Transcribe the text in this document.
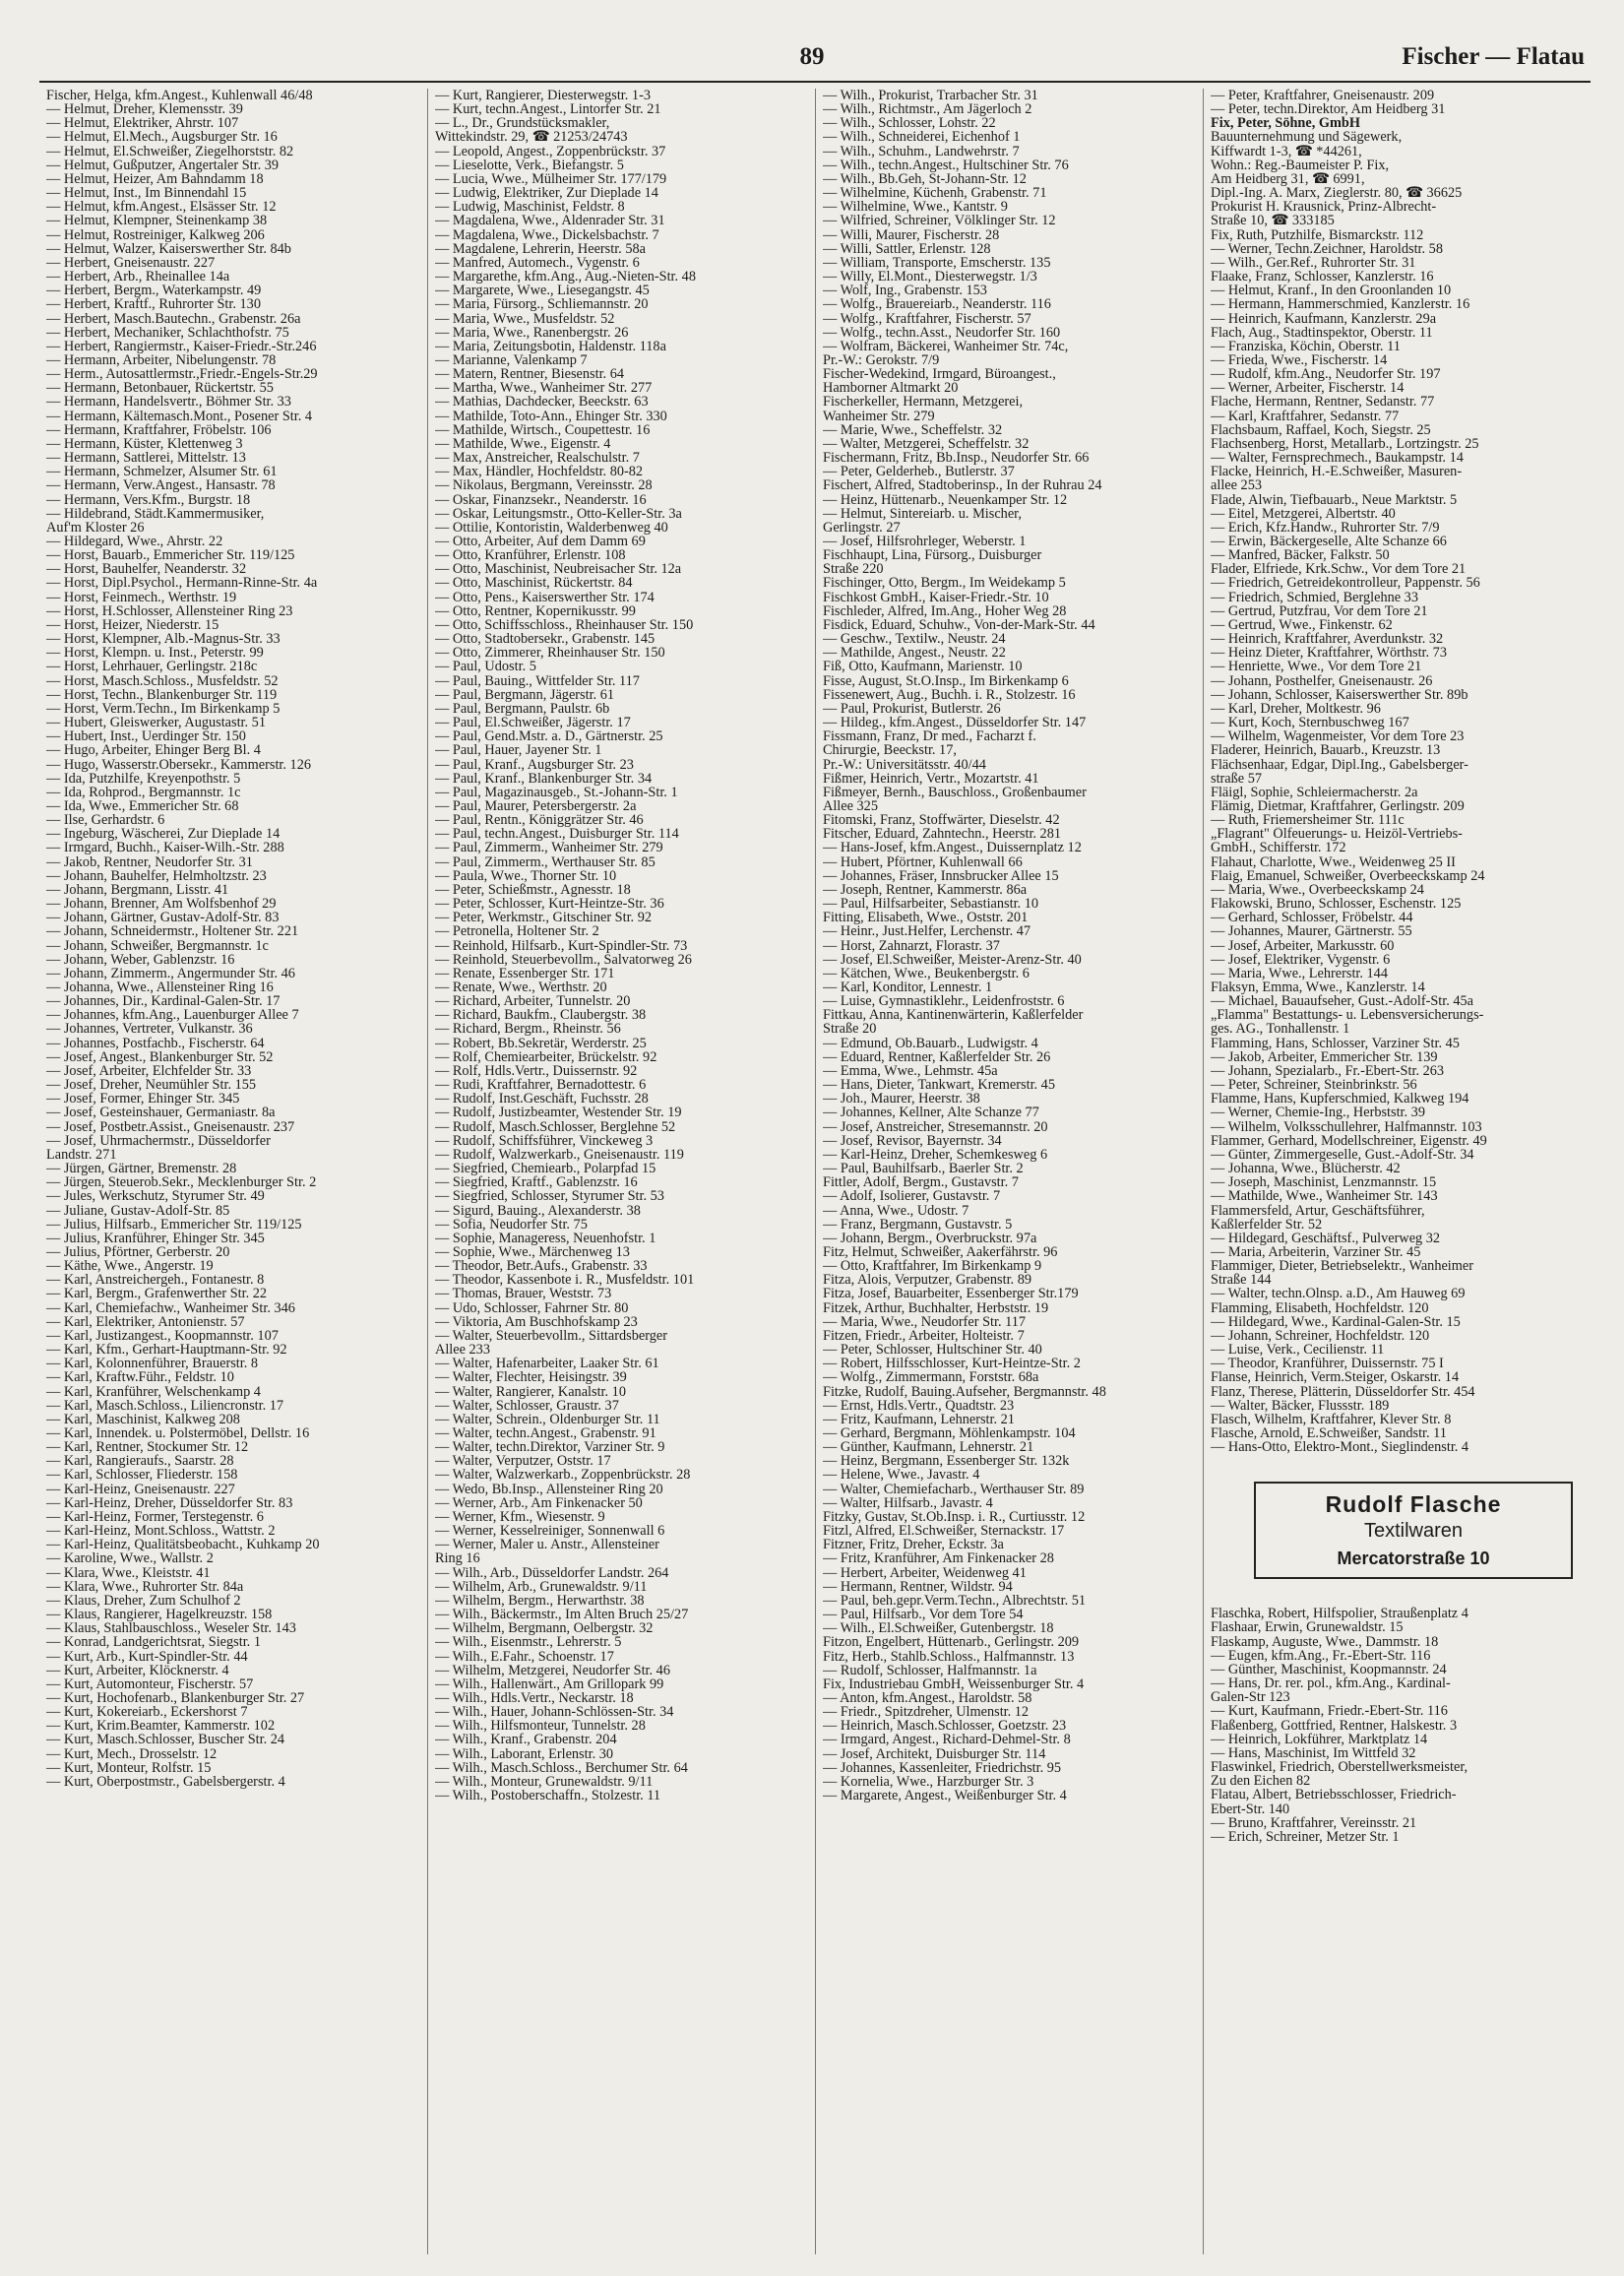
89	Fischer — Flatau
Fischer, Helga, kfm.Angest., Kuhlenwall 46/48
— Helmut, Dreher, Klemensstr. 39
— Helmut, Elektriker, Ahrstr. 107
— Helmut, El.Mech., Augsburger Str. 16
— Helmut, El.Schweißer, Ziegelhorststr. 82
— Helmut, Gußputzer, Angertaler Str. 39
— Helmut, Heizer, Am Bahndamm 18
— Helmut, Inst., Im Binnendahl 15
— Helmut, kfm.Angest., Elsässer Str. 12
— Helmut, Klempner, Steinenkamp 38
— Helmut, Rostreiniger, Kalkweg 206
— Helmut, Walzer, Kaiserswerther Str. 84b
— Herbert, Gneisenaustr. 227
— Herbert, Arb., Rheinallee 14a
— Herbert, Bergm., Waterkampstr. 49
— Herbert, Kraftf., Ruhrorter Str. 130
— Herbert, Masch.Bautechn., Grabenstr. 26a
— Herbert, Mechaniker, Schlachthofstr. 75
— Herbert, Rangiermstr., Kaiser-Friedr.-Str.246
— Hermann, Arbeiter, Nibelungenstr. 78
— Herm., Autosattlermstr.,Friedr.-Engels-Str.29
— Hermann, Betonbauer, Rückertstr. 55
— Hermann, Handelsvertr., Böhmer Str. 33
— Hermann, Kältemasch.Mont., Posener Str. 4
— Hermann, Kraftfahrer, Fröbelstr. 106
— Hermann, Küster, Klettenweg 3
— Hermann, Sattlerei, Mittelstr. 13
— Hermann, Schmelzer, Alsumer Str. 61
— Hermann, Verw.Angest., Hansastr. 78
— Hermann, Vers.Kfm., Burgstr. 18
— Hildebrand, Städt.Kammermusiker,
Auf'm Kloster 26
— Hildegard, Wwe., Ahrstr. 22
— Horst, Bauarb., Emmericher Str. 119/125
— Horst, Bauhelfer, Neanderstr. 32
— Horst, Dipl.Psychol., Hermann-Rinne-Str. 4a
— Horst, Feinmech., Werthstr. 19
— Horst, H.Schlosser, Allensteiner Ring 23
— Horst, Heizer, Niederstr. 15
— Horst, Klempner, Alb.-Magnus-Str. 33
— Horst, Klempn. u. Inst., Peterstr. 99
— Horst, Lehrhauer, Gerlingstr. 218c
— Horst, Masch.Schloss., Musfeldstr. 52
— Horst, Techn., Blankenburger Str. 119
— Horst, Verm.Techn., Im Birkenkamp 5
— Hubert, Gleiswerker, Augustastr. 51
— Hubert, Inst., Uerdinger Str. 150
— Hugo, Arbeiter, Ehinger Berg Bl. 4
— Hugo, Wasserstr.Obersekr., Kammerstr. 126
— Ida, Putzhilfe, Kreyenpothstr. 5
— Ida, Rohprod., Bergmannstr. 1c
— Ida, Wwe., Emmericher Str. 68
— Ilse, Gerhardstr. 6
— Ingeburg, Wäscherei, Zur Dieplade 14
— Irmgard, Buchh., Kaiser-Wilh.-Str. 288
— Jakob, Rentner, Neudorfer Str. 31
— Johann, Bauhelfer, Helmholtzstr. 23
— Johann, Bergmann, Lisstr. 41
— Johann, Brenner, Am Wolfsbenhof 29
— Johann, Gärtner, Gustav-Adolf-Str. 83
— Johann, Schneidermstr., Holtener Str. 221
— Johann, Schweißer, Bergmannstr. 1c
— Johann, Weber, Gablenzstr. 16
— Johann, Zimmerm., Angermunder Str. 46
— Johanna, Wwe., Allensteiner Ring 16
— Johannes, Dir., Kardinal-Galen-Str. 17
— Johannes, kfm.Ang., Lauenburger Allee 7
— Johannes, Vertreter, Vulkanstr. 36
— Johannes, Postfachb., Fischerstr. 64
— Josef, Angest., Blankenburger Str. 52
— Josef, Arbeiter, Elchfelder Str. 33
— Josef, Dreher, Neumühler Str. 155
— Josef, Former, Ehinger Str. 345
— Josef, Gesteinshauer, Germaniastr. 8a
— Josef, Postbetr.Assist., Gneisenaustr. 237
— Josef, Uhrmachermstr., Düsseldorfer
Landstr. 271
— Jürgen, Gärtner, Bremenstr. 28
— Jürgen, Steuerob.Sekr., Mecklenburger Str. 2
— Jules, Werkschutz, Styrumer Str. 49
— Juliane, Gustav-Adolf-Str. 85
— Julius, Hilfsarb., Emmericher Str. 119/125
— Julius, Kranführer, Ehinger Str. 345
— Julius, Pförtner, Gerberstr. 20
— Käthe, Wwe., Angerstr. 19
— Karl, Anstreichergeh., Fontanestr. 8
— Karl, Bergm., Grafenwerther Str. 22
— Karl, Chemiefachw., Wanheimer Str. 346
— Karl, Elektriker, Antonienstr. 57
— Karl, Justizangest., Koopmannstr. 107
— Karl, Kfm., Gerhart-Hauptmann-Str. 92
— Karl, Kolonnenführer, Brauerstr. 8
— Karl, Kraftw.Führ., Feldstr. 10
— Karl, Kranführer, Welschenkamp 4
— Karl, Masch.Schloss., Liliencronstr. 17
— Karl, Maschinist, Kalkweg 208
— Karl, Innendek. u. Polstermöbel, Dellstr. 16
— Karl, Rentner, Stockumer Str. 12
— Karl, Rangieraufs., Saarstr. 28
— Karl, Schlosser, Fliederstr. 158
— Karl-Heinz, Gneisenaustr. 227
— Karl-Heinz, Dreher, Düsseldorfer Str. 83
— Karl-Heinz, Former, Terstegenstr. 6
— Karl-Heinz, Mont.Schloss., Wattstr. 2
— Karl-Heinz, Qualitätsbeobacht., Kuhkamp 20
— Karoline, Wwe., Wallstr. 2
— Klara, Wwe., Kleiststr. 41
— Klara, Wwe., Ruhrorter Str. 84a
— Klaus, Dreher, Zum Schulhof 2
— Klaus, Rangierer, Hagelkreuzstr. 158
— Klaus, Stahlbauschloss., Weseler Str. 143
— Konrad, Landgerichtsrat, Siegstr. 1
— Kurt, Arb., Kurt-Spindler-Str. 44
— Kurt, Arbeiter, Klöcknerstr. 4
— Kurt, Automonteur, Fischerstr. 57
— Kurt, Hochofenarb., Blankenburger Str. 27
— Kurt, Kokereiarb., Eckershorst 7
— Kurt, Krim.Beamter, Kammerstr. 102
— Kurt, Masch.Schlosser, Buscher Str. 24
— Kurt, Mech., Drosselstr. 12
— Kurt, Monteur, Rolfstr. 15
— Kurt, Oberpostmstr., Gabelsbergerstr. 4
— Kurt, Rangierer, Diesterwegstr. 1-3
— Kurt, techn.Angest., Lintorfer Str. 21
— L., Dr., Grundstücksmakler,
Wittekindstr. 29, ☎ 21253/24743
— Leopold, Angest., Zoppenbrückstr. 37
— Lieselotte, Verk., Biefangstr. 5
— Lucia, Wwe., Mülheimer Str. 177/179
— Ludwig, Elektriker, Zur Dieplade 14
— Ludwig, Maschinist, Feldstr. 8
— Magdalena, Wwe., Aldenrader Str. 31
— Magdalena, Wwe., Dickelsbachstr. 7
— Magdalene, Lehrerin, Heerstr. 58a
— Manfred, Automech., Vygenstr. 6
— Margarethe, kfm.Ang., Aug.-Nieten-Str. 48
— Margarete, Wwe., Liesegangstr. 45
— Maria, Fürsorg., Schliemannstr. 20
— Maria, Wwe., Musfeldstr. 52
— Maria, Wwe., Ranenbergstr. 26
— Maria, Zeitungsbotin, Haldenstr. 118a
— Marianne, Valenkamp 7
— Matern, Rentner, Biesenstr. 64
— Martha, Wwe., Wanheimer Str. 277
— Mathias, Dachdecker, Beeckstr. 63
— Mathilde, Toto-Ann., Ehinger Str. 330
— Mathilde, Wirtsch., Coupettestr. 16
— Mathilde, Wwe., Eigenstr. 4
— Max, Anstreicher, Realschulstr. 7
— Max, Händler, Hochfeldstr. 80-82
— Nikolaus, Bergmann, Vereinsstr. 28
— Oskar, Finanzsekr., Neanderstr. 16
— Oskar, Leitungsmstr., Otto-Keller-Str. 3a
— Ottilie, Kontoristin, Walderbenweg 40
— Otto, Arbeiter, Auf dem Damm 69
— Otto, Kranführer, Erlenstr. 108
— Otto, Maschinist, Neubreisacher Str. 12a
— Otto, Maschinist, Rückertstr. 84
— Otto, Pens., Kaiserswerther Str. 174
— Otto, Rentner, Kopernikusstr. 99
— Otto, Schiffsschloss., Rheinhauser Str. 150
— Otto, Stadtobersekr., Grabenstr. 145
— Otto, Zimmerer, Rheinhauser Str. 150
— Paul, Udostr. 5
— Paul, Bauing., Wittfelder Str. 117
— Paul, Bergmann, Jägerstr. 61
— Paul, Bergmann, Paulstr. 6b
— Paul, El.Schweißer, Jägerstr. 17
— Paul, Gend.Mstr. a. D., Gärtnerstr. 25
— Paul, Hauer, Jayener Str. 1
— Paul, Kranf., Augsburger Str. 23
— Paul, Kranf., Blankenburger Str. 34
— Paul, Magazinausgeb., St.-Johann-Str. 1
— Paul, Maurer, Petersbergerstr. 2a
— Paul, Rentn., Königgrätzer Str. 46
— Paul, techn.Angest., Duisburger Str. 114
— Paul, Zimmerm., Wanheimer Str. 279
— Paul, Zimmerm., Werthauser Str. 85
— Paula, Wwe., Thorner Str. 10
— Peter, Schießmstr., Agnesstr. 18
— Peter, Schlosser, Kurt-Heintze-Str. 36
— Peter, Werkmstr., Gitschiner Str. 92
— Petronella, Holtener Str. 2
— Reinhold, Hilfsarb., Kurt-Spindler-Str. 73
— Reinhold, Steuerbevollm., Salvatorweg 26
— Renate, Essenberger Str. 171
— Renate, Wwe., Werthstr. 20
— Richard, Arbeiter, Tunnelstr. 20
— Richard, Baukfm., Claubergstr. 38
— Richard, Bergm., Rheinstr. 56
— Robert, Bb.Sekretär, Werderstr. 25
— Rolf, Chemiearbeiter, Brückelstr. 92
— Rolf, Hdls.Vertr., Duissernstr. 92
— Rudi, Kraftfahrer, Bernadottestr. 6
— Rudolf, Inst.Geschäft, Fuchsstr. 28
— Rudolf, Justizbeamter, Westender Str. 19
— Rudolf, Masch.Schlosser, Berglehne 52
— Rudolf, Schiffsführer, Vinckeweg 3
— Rudolf, Walzwerkarb., Gneisenaustr. 119
— Siegfried, Chemiearb., Polarpfad 15
— Siegfried, Kraftf., Gablenzstr. 16
— Siegfried, Schlosser, Styrumer Str. 53
— Sigurd, Bauing., Alexanderstr. 38
— Sofia, Neudorfer Str. 75
— Sophie, Manageress, Neuenhofstr. 1
— Sophie, Wwe., Märchenweg 13
— Theodor, Betr.Aufs., Grabenstr. 33
— Theodor, Kassenbote i. R., Musfeldstr. 101
— Thomas, Brauer, Weststr. 73
— Udo, Schlosser, Fahrner Str. 80
— Viktoria, Am Buschhofskamp 23
— Walter, Steuerbevollm., Sittardsberger
Allee 233
— Walter, Hafenarbeiter, Laaker Str. 61
— Walter, Flechter, Heisingstr. 39
— Walter, Rangierer, Kanalstr. 10
— Walter, Schlosser, Graustr. 37
— Walter, Schrein., Oldenburger Str. 11
— Walter, techn.Angest., Grabenstr. 91
— Walter, techn.Direktor, Varziner Str. 9
— Walter, Verputzer, Oststr. 17
— Walter, Walzwerkarb., Zoppenbrückstr. 28
— Wedo, Bb.Insp., Allensteiner Ring 20
— Werner, Arb., Am Finkenacker 50
— Werner, Kfm., Wiesenstr. 9
— Werner, Kesselreiniger, Sonnenwall 6
— Werner, Maler u. Anstr., Allensteiner
Ring 16
— Wilh., Arb., Düsseldorfer Landstr. 264
— Wilhelm, Arb., Grunewaldstr. 9/11
— Wilhelm, Bergm., Herwarthstr. 38
— Wilh., Bäckermstr., Im Alten Bruch 25/27
— Wilhelm, Bergmann, Oelbergstr. 32
— Wilh., Eisenmstr., Lehrerstr. 5
— Wilh., E.Fahr., Schoenstr. 17
— Wilhelm, Metzgerei, Neudorfer Str. 46
— Wilh., Hallenwärt., Am Grillopark 99
— Wilh., Hdls.Vertr., Neckarstr. 18
— Wilh., Hauer, Johann-Schlössen-Str. 34
— Wilh., Hilfsmonteur, Tunnelstr. 28
— Wilh., Kranf., Grabenstr. 204
— Wilh., Laborant, Erlenstr. 30
— Wilh., Masch.Schloss., Berchumer Str. 64
— Wilh., Monteur, Grunewaldstr. 9/11
— Wilh., Postoberschaffn., Stolzestr. 11
— Wilh., Prokurist, Trarbacher Str. 31
— Wilh., Richtmstr., Am Jägerloch 2
— Wilh., Schlosser, Lohstr. 22
— Wilh., Schneiderei, Eichenhof 1
— Wilh., Schuhm., Landwehrstr. 7
— Wilh., techn.Angest., Hultschiner Str. 76
— Wilh., Bb.Geh, St-Johann-Str. 12
— Wilhelmine, Küchenh, Grabenstr. 71
— Wilhelmine, Wwe., Kantstr. 9
— Wilfried, Schreiner, Völklinger Str. 12
— Willi, Maurer, Fischerstr. 28
— Willi, Sattler, Erlenstr. 128
— William, Transporte, Emscherstr. 135
— Willy, El.Mont., Diesterwegstr. 1/3
— Wolf, Ing., Grabenstr. 153
— Wolfg., Brauereiarb., Neanderstr. 116
— Wolfg., Kraftfahrer, Fischerstr. 57
— Wolfg., techn.Asst., Neudorfer Str. 160
— Wolfram, Bäckerei, Wanheimer Str. 74c,
Pr.-W.: Gerokstr. 7/9
Fischer-Wedekind, Irmgard, Büroangest.,
Hamborner Altmarkt 20
Fischerkeller, Hermann, Metzgerei,
Wanheimer Str. 279
— Marie, Wwe., Scheffelstr. 32
— Walter, Metzgerei, Scheffelstr. 32
Fischermann, Fritz, Bb.Insp., Neudorfer Str. 66
— Peter, Gelderheb., Butlerstr. 37
Fischert, Alfred, Stadtoberinsp., In der Ruhrau 24
— Heinz, Hüttenarb., Neuenkamper Str. 12
— Helmut, Sintereiarb. u. Mischer,
Gerlingstr. 27
— Josef, Hilfsrohrleger, Weberstr. 1
Fischhaupt, Lina, Fürsorg., Duisburger
Straße 220
Fischinger, Otto, Bergm., Im Weidekamp 5
Fischkost GmbH., Kaiser-Friedr.-Str. 10
Fischleder, Alfred, Im.Ang., Hoher Weg 28
Fisdick, Eduard, Schuhw., Von-der-Mark-Str. 44
— Geschw., Textilw., Neustr. 24
— Mathilde, Angest., Neustr. 22
Fiß, Otto, Kaufmann, Marienstr. 10
Fisse, August, St.O.Insp., Im Birkenkamp 6
Fissenewert, Aug., Buchh. i. R., Stolzestr. 16
— Paul, Prokurist, Butlerstr. 26
— Hildeg., kfm.Angest., Düsseldorfer Str. 147
Fissmann, Franz, Dr med., Facharzt f.
Chirurgie, Beeckstr. 17,
Pr.-W.: Universitätsstr. 40/44
Fißmer, Heinrich, Vertr., Mozartstr. 41
Fißmeyer, Bernh., Bauschloss., Großenbaumer
Allee 325
Fitomski, Franz, Stoffwärter, Dieselstr. 42
Fitscher, Eduard, Zahntechn., Heerstr. 281
— Hans-Josef, kfm.Angest., Duissernplatz 12
— Hubert, Pförtner, Kuhlenwall 66
— Johannes, Fräser, Innsbrucker Allee 15
— Joseph, Rentner, Kammerstr. 86a
— Paul, Hilfsarbeiter, Sebastianstr. 10
Fitting, Elisabeth, Wwe., Oststr. 201
— Heinr., Just.Helfer, Lerchenstr. 47
— Horst, Zahnarzt, Florastr. 37
— Josef, El.Schweißer, Meister-Arenz-Str. 40
— Kätchen, Wwe., Beukenbergstr. 6
— Karl, Konditor, Lennestr. 1
— Luise, Gymnastiklehr., Leidenfroststr. 6
Fittkau, Anna, Kantinenwärterin, Kaßlerfelder
Straße 20
— Edmund, Ob.Bauarb., Ludwigstr. 4
— Eduard, Rentner, Kaßlerfelder Str. 26
— Emma, Wwe., Lehmstr. 45a
— Hans, Dieter, Tankwart, Kremerstr. 45
— Joh., Maurer, Heerstr. 38
— Johannes, Kellner, Alte Schanze 77
— Josef, Anstreicher, Stresemannstr. 20
— Josef, Revisor, Bayernstr. 34
— Karl-Heinz, Dreher, Schemkesweg 6
— Paul, Bauhilfsarb., Baerler Str. 2
Fittler, Adolf, Bergm., Gustavstr. 7
— Adolf, Isolierer, Gustavstr. 7
— Anna, Wwe., Udostr. 7
— Franz, Bergmann, Gustavstr. 5
— Johann, Bergm., Overbruckstr. 97a
Fitz, Helmut, Schweißer, Aakerfährstr. 96
— Otto, Kraftfahrer, Im Birkenkamp 9
Fitza, Alois, Verputzer, Grabenstr. 89
Fitza, Josef, Bauarbeiter, Essenberger Str.179
Fitzek, Arthur, Buchhalter, Herbststr. 19
— Maria, Wwe., Neudorfer Str. 117
Fitzen, Friedr., Arbeiter, Holteistr. 7
— Peter, Schlosser, Hultschiner Str. 40
— Robert, Hilfsschlosser, Kurt-Heintze-Str. 2
— Wolfg., Zimmermann, Forststr. 68a
Fitzke, Rudolf, Bauing.Aufseher, Bergmannstr. 48
— Ernst, Hdls.Vertr., Quadtstr. 23
— Fritz, Kaufmann, Lehnerstr. 21
— Gerhard, Bergmann, Möhlenkampstr. 104
— Günther, Kaufmann, Lehnerstr. 21
— Heinz, Bergmann, Essenberger Str. 132k
— Helene, Wwe., Javastr. 4
— Walter, Chemiefacharb., Werthauser Str. 89
— Walter, Hilfsarb., Javastr. 4
Fitzky, Gustav, St.Ob.Insp. i. R., Curtiusstr. 12
Fitzl, Alfred, El.Schweißer, Sternackstr. 17
Fitzner, Fritz, Dreher, Eckstr. 3a
— Fritz, Kranführer, Am Finkenacker 28
— Herbert, Arbeiter, Weidenweg 41
— Hermann, Rentner, Wildstr. 94
— Paul, beh.gepr.Verm.Techn., Albrechtstr. 51
— Paul, Hilfsarb., Vor dem Tore 54
— Wilh., El.Schweißer, Gutenbergstr. 18
Fitzon, Engelbert, Hüttenarb., Gerlingstr. 209
Fitz, Herb., Stahlb.Schloss., Halfmannstr. 13
— Rudolf, Schlosser, Halfmannstr. 1a
Fix, Industriebau GmbH, Weissenburger Str. 4
— Anton, kfm.Angest., Haroldstr. 58
— Friedr., Spitzdreher, Ulmenstr. 12
— Heinrich, Masch.Schlosser, Goetzstr. 23
— Irmgard, Angest., Richard-Dehmel-Str. 8
— Josef, Architekt, Duisburger Str. 114
— Johannes, Kassenleiter, Friedrichstr. 95
— Kornelia, Wwe., Harzburger Str. 3
— Margarete, Angest., Weißenburger Str. 4
— Peter, Kraftfahrer, Gneisenaustr. 209
— Peter, techn.Direktor, Am Heidberg 31
Fix, Peter, Söhne, GmbH
Bauunternehmung und Sägewerk,
Kiffwardt 1-3, ☎ *44261,
Wohn.: Reg.-Baumeister P. Fix,
Am Heidberg 31, ☎ 6991,
Dipl.-Ing. A. Marx, Zieglerstr. 80, ☎ 36625
Prokurist H. Krausnick, Prinz-Albrecht-
Straße 10, ☎ 333185
Fix, Ruth, Putzhilfe, Bismarckstr. 112
— Werner, Techn.Zeichner, Haroldstr. 58
— Wilh., Ger.Ref., Ruhrorter Str. 31
Flaake, Franz, Schlosser, Kanzlerstr. 16
— Helmut, Kranf., In den Groonlanden 10
— Hermann, Hammerschmied, Kanzlerstr. 16
— Heinrich, Kaufmann, Kanzlerstr. 29a
Flach, Aug., Stadtinspektor, Oberstr. 11
— Franziska, Köchin, Oberstr. 11
— Frieda, Wwe., Fischerstr. 14
— Rudolf, kfm.Ang., Neudorfer Str. 197
— Werner, Arbeiter, Fischerstr. 14
Flache, Hermann, Rentner, Sedanstr. 77
— Karl, Kraftfahrer, Sedanstr. 77
Flachsbaum, Raffael, Koch, Siegstr. 25
Flachsenberg, Horst, Metallarb., Lortzingstr. 25
— Walter, Fernsprechmech., Baukampstr. 14
Flacke, Heinrich, H.-E.Schweißer, Masuren-
allee 253
Flade, Alwin, Tiefbauarb., Neue Marktstr. 5
— Eitel, Metzgerei, Albertstr. 40
— Erich, Kfz.Handw., Ruhrorter Str. 7/9
— Erwin, Bäckergeselle, Alte Schanze 66
— Manfred, Bäcker, Falkstr. 50
Flader, Elfriede, Krk.Schw., Vor dem Tore 21
— Friedrich, Getreidekontrolleur, Pappenstr. 56
— Friedrich, Schmied, Berglehne 33
— Gertrud, Putzfrau, Vor dem Tore 21
— Gertrud, Wwe., Finkenstr. 62
— Heinrich, Kraftfahrer, Averdunkstr. 32
— Heinz Dieter, Kraftfahrer, Wörthstr. 73
— Henriette, Wwe., Vor dem Tore 21
— Johann, Posthelfer, Gneisenaustr. 26
— Johann, Schlosser, Kaiserswerther Str. 89b
— Karl, Dreher, Moltkestr. 96
— Kurt, Koch, Sternbuschweg 167
— Wilhelm, Wagenmeister, Vor dem Tore 23
Fladerer, Heinrich, Bauarb., Kreuzstr. 13
Flächsenhaar, Edgar, Dipl.Ing., Gabelsberger-
straße 57
Fläigl, Sophie, Schleiermacherstr. 2a
Flämig, Dietmar, Kraftfahrer, Gerlingstr. 209
— Ruth, Friemersheimer Str. 111c
„Flagrant" Ölfeuerungs- u. Heizöl-Vertriebs-
GmbH., Schifferstr. 172
Flahaut, Charlotte, Wwe., Weidenweg 25 II
Flaig, Emanuel, Schweißer, Overbeeckskamp 24
— Maria, Wwe., Overbeeckskamp 24
Flakowski, Bruno, Schlosser, Eschenstr. 125
— Gerhard, Schlosser, Fröbelstr. 44
— Johannes, Maurer, Gärtnerstr. 55
— Josef, Arbeiter, Markusstr. 60
— Josef, Elektriker, Vygenstr. 6
— Maria, Wwe., Lehrerstr. 144
Flaksyn, Emma, Wwe., Kanzlerstr. 14
— Michael, Bauaufseher, Gust.-Adolf-Str. 45a
„Flamma" Bestattungs- u. Lebensversicherungs-
ges. AG., Tonhallenstr. 1
Flamming, Hans, Schlosser, Varziner Str. 45
— Jakob, Arbeiter, Emmericher Str. 139
— Johann, Spezialarb., Fr.-Ebert-Str. 263
— Peter, Schreiner, Steinbrinkstr. 56
Flamme, Hans, Kupferschmied, Kalkweg 194
— Werner, Chemie-Ing., Herbststr. 39
— Wilhelm, Volksschullehrer, Halfmannstr. 103
Flammer, Gerhard, Modellschreiner, Eigenstr. 49
— Günter, Zimmergeselle, Gust.-Adolf-Str. 34
— Johanna, Wwe., Blücherstr. 42
— Joseph, Maschinist, Lenzmannstr. 15
— Mathilde, Wwe., Wanheimer Str. 143
Flammersfeld, Artur, Geschäftsführer,
Kaßlerfelder Str. 52
— Hildegard, Geschäftsf., Pulverweg 32
— Maria, Arbeiterin, Varziner Str. 45
Flammiger, Dieter, Betriebselektr., Wanheimer
Straße 144
— Walter, techn.Olnsp. a.D., Am Hauweg 69
Flamming, Elisabeth, Hochfeldstr. 120
— Hildegard, Wwe., Kardinal-Galen-Str. 15
— Johann, Schreiner, Hochfeldstr. 120
— Luise, Verk., Cecilienstr. 11
— Theodor, Kranführer, Duissernstr. 75 I
Flanse, Heinrich, Verm.Steiger, Oskarstr. 14
Flanz, Therese, Plätterin, Düsseldorfer Str. 454
— Walter, Bäcker, Flussstr. 189
Flasch, Wilhelm, Kraftfahrer, Klever Str. 8
Flasche, Arnold, E.Schweißer, Sandstr. 11
— Hans-Otto, Elektro-Mont., Sieglindenstr. 4
Rudolf Flasche
Textilwaren
Mercatorstraße 10
Flaschka, Robert, Hilfspolier, Straußenplatz 4
Flashaar, Erwin, Grunewaldstr. 15
Flaskamp, Auguste, Wwe., Dammstr. 18
— Eugen, kfm.Ang., Fr.-Ebert-Str. 116
— Günther, Maschinist, Koopmannstr. 24
— Hans, Dr. rer. pol., kfm.Ang., Kardinal-
Galen-Str 123
— Kurt, Kaufmann, Friedr.-Ebert-Str. 116
Flaßenberg, Gottfried, Rentner, Halskestr. 3
— Heinrich, Lokführer, Marktplatz 14
— Hans, Maschinist, Im Wittfeld 32
Flaswinkel, Friedrich, Oberstellwerksmeister,
Zu den Eichen 82
Flatau, Albert, Betriebsschlosser, Friedrich-
Ebert-Str. 140
— Bruno, Kraftfahrer, Vereinsstr. 21
— Erich, Schreiner, Metzer Str. 1
